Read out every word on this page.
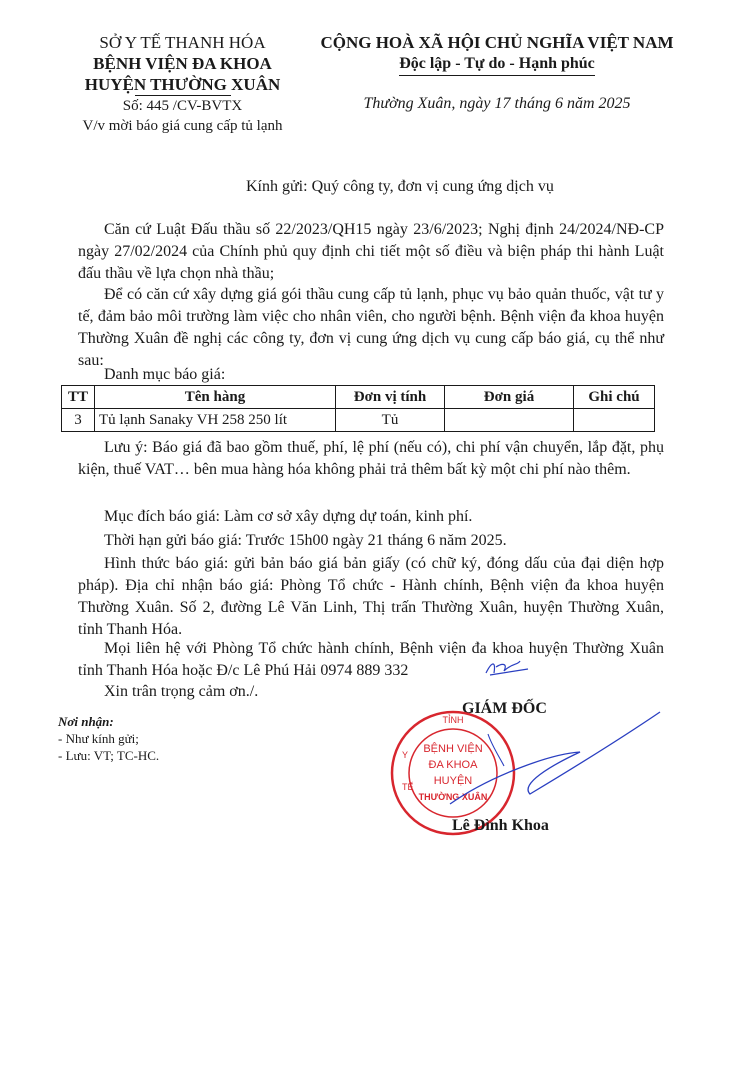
SỞ Y TẾ THANH HÓA
BỆNH VIỆN ĐA KHOA
HUYỆN THƯỜNG XUÂN
Số: 445 /CV-BVTX
V/v mời báo giá cung cấp tủ lạnh
CỘNG HOÀ XÃ HỘI CHỦ NGHĨA VIỆT NAM
Độc lập - Tự do - Hạnh phúc
Thường Xuân, ngày 17 tháng 6 năm 2025
Kính gửi: Quý công ty, đơn vị cung ứng dịch vụ
Căn cứ Luật Đấu thầu số 22/2023/QH15 ngày 23/6/2023; Nghị định 24/2024/NĐ-CP ngày 27/02/2024 của Chính phủ quy định chi tiết một số điều và biện pháp thi hành Luật đấu thầu về lựa chọn nhà thầu;
Để có căn cứ xây dựng giá gói thầu cung cấp tủ lạnh, phục vụ bảo quản thuốc, vật tư y tế, đảm bảo môi trường làm việc cho nhân viên, cho người bệnh. Bệnh viện đa khoa huyện Thường Xuân đề nghị các công ty, đơn vị cung ứng dịch vụ cung cấp báo giá, cụ thể như sau:
Danh mục báo giá:
TT	Tên hàng	Đơn vị tính	Đơn giá	Ghi chú
3	Tủ lạnh Sanaky VH 258 250 lít	Tủ		
Lưu ý: Báo giá đã bao gồm thuế, phí, lệ phí (nếu có), chi phí vận chuyển, lắp đặt, phụ kiện, thuế VAT… bên mua hàng hóa không phải trả thêm bất kỳ một chi phí nào thêm.
Mục đích báo giá: Làm cơ sở xây dựng dự toán, kinh phí.
Thời hạn gửi báo giá: Trước 15h00 ngày 21 tháng 6 năm 2025.
Hình thức báo giá: gửi bản báo giá bản giấy (có chữ ký, đóng dấu của đại diện hợp pháp). Địa chỉ nhận báo giá: Phòng Tổ chức - Hành chính, Bệnh viện đa khoa huyện Thường Xuân. Số 2, đường Lê Văn Linh, Thị trấn Thường Xuân, huyện Thường Xuân, tỉnh Thanh Hóa.
Mọi liên hệ với Phòng Tổ chức hành chính, Bệnh viện đa khoa huyện Thường Xuân tỉnh Thanh Hóa hoặc Đ/c Lê Phú Hải 0974 889 332
Xin trân trọng cảm ơn./.
Nơi nhận:
- Như kính gửi;
- Lưu: VT; TC-HC.
GIÁM ĐỐC
TỈNH
Y
TẾ
BỆNH VIỆN
ĐA KHOA
HUYỆN
THƯỜNG XUÂN
Lê Đình Khoa
